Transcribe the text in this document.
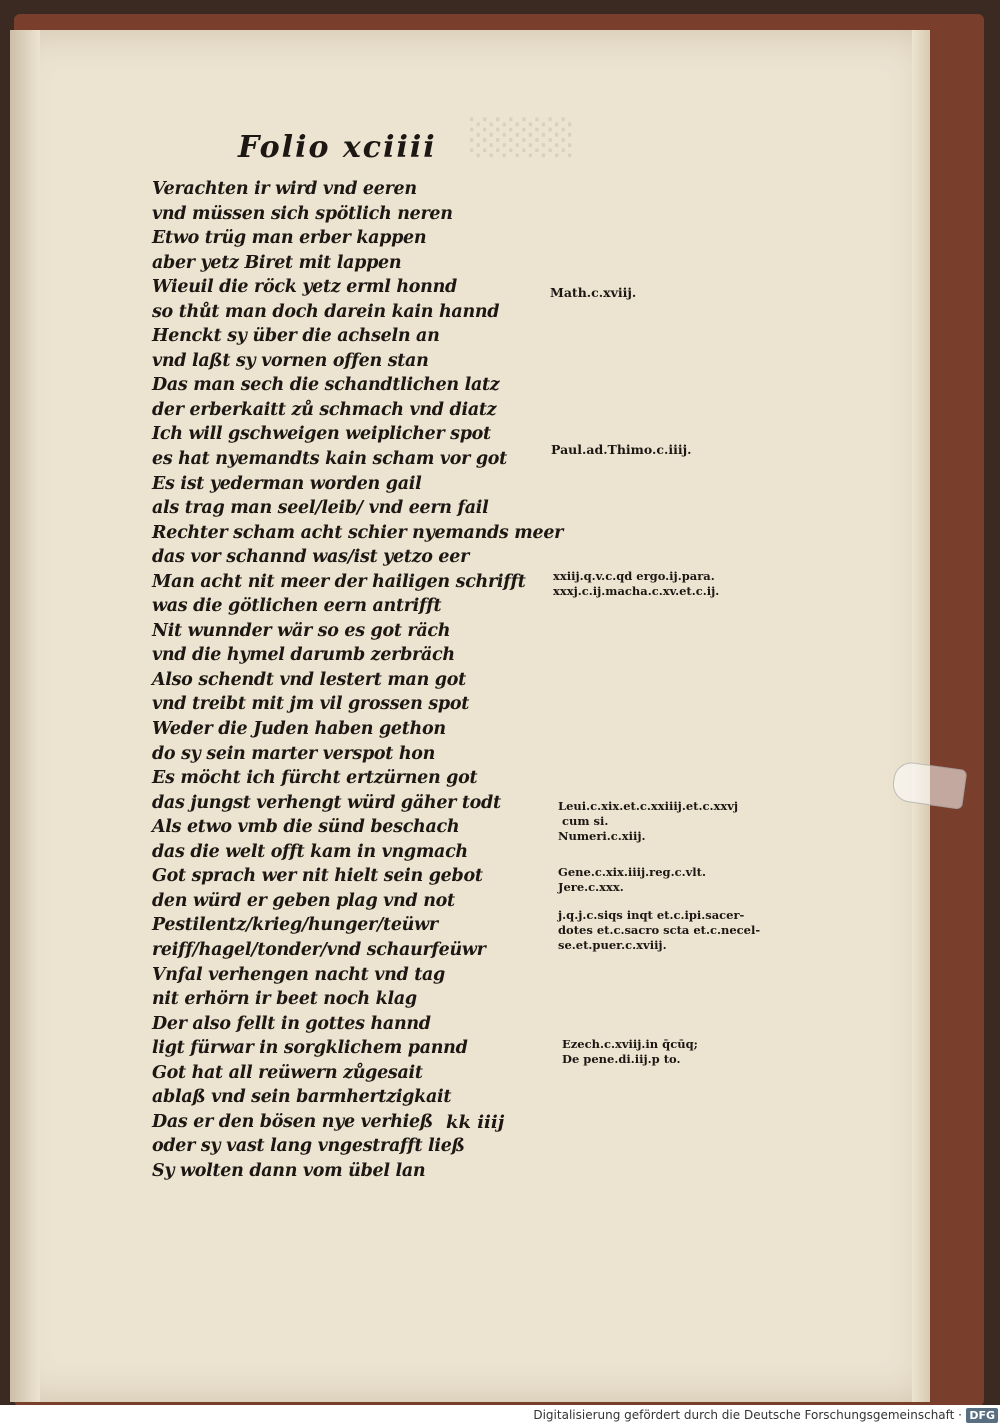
░░░░
Folio xciiii
Verachten ir wird vnd eeren
vnd müssen sich spötlich neren
Etwo trüg man erber kappen
aber yetz Biret mit lappen
Wieuil die röck yetz erml honnd
so thůt man doch darein kain hannd
Henckt sy über die achseln an
vnd laßt sy vornen offen stan
Das man sech die schandtlichen latz
der erberkaitt zů schmach vnd diatz
Ich will gschweigen weiplicher spot
es hat nyemandts kain scham vor got
Es ist yederman worden gail
als trag man seel/leib/ vnd eern fail
Rechter scham acht schier nyemands meer
das vor schannd was/ist yetzo eer
Man acht nit meer der hailigen schrifft
was die götlichen eern antrifft
Nit wunnder wär so es got räch
vnd die hymel darumb zerbräch
Also schendt vnd lestert man got
vnd treibt mit jm vil grossen spot
Weder die Juden haben gethon
do sy sein marter verspot hon
Es möcht ich fürcht ertzürnen got
das jungst verhengt würd gäher todt
Als etwo vmb die sünd beschach
das die welt offt kam in vngmach
Got sprach wer nit hielt sein gebot
den würd er geben plag vnd not
Pestilentz/krieg/hunger/teüwr
reiff/hagel/tonder/vnd schaurfeüwr
Vnfal verhengen nacht vnd tag
nit erhörn ir beet noch klag
Der also fellt in gottes hannd
ligt fürwar in sorgklichem pannd
Got hat all reüwern zůgesait
ablaß vnd sein barmhertzigkait
Das er den bösen nye verhieß
oder sy vast lang vngestrafft ließ
Sy wolten dann vom übel lan
kk iiij
Math.c.xviij.
Paul.ad.Thimo.c.iiij.
xxiij.q.v.c.qd ergo.ij.para.
xxxj.c.ij.macha.c.xv.et.c.ij.
Leui.c.xix.et.c.xxiiij.et.c.xxvj
cum si.
Numeri.c.xiij.
Gene.c.xix.iiij.reg.c.vlt.
Jere.c.xxx.
j.q.j.c.siqs inqt et.c.ipi.sacer-
dotes et.c.sacro scta et.c.necel-
se.et.puer.c.xviij.
Ezech.c.xviij.in q̄cūq;
De pene.di.iij.p to.
Digitalisierung gefördert durch die Deutsche Forschungsgemeinschaft · DFG
